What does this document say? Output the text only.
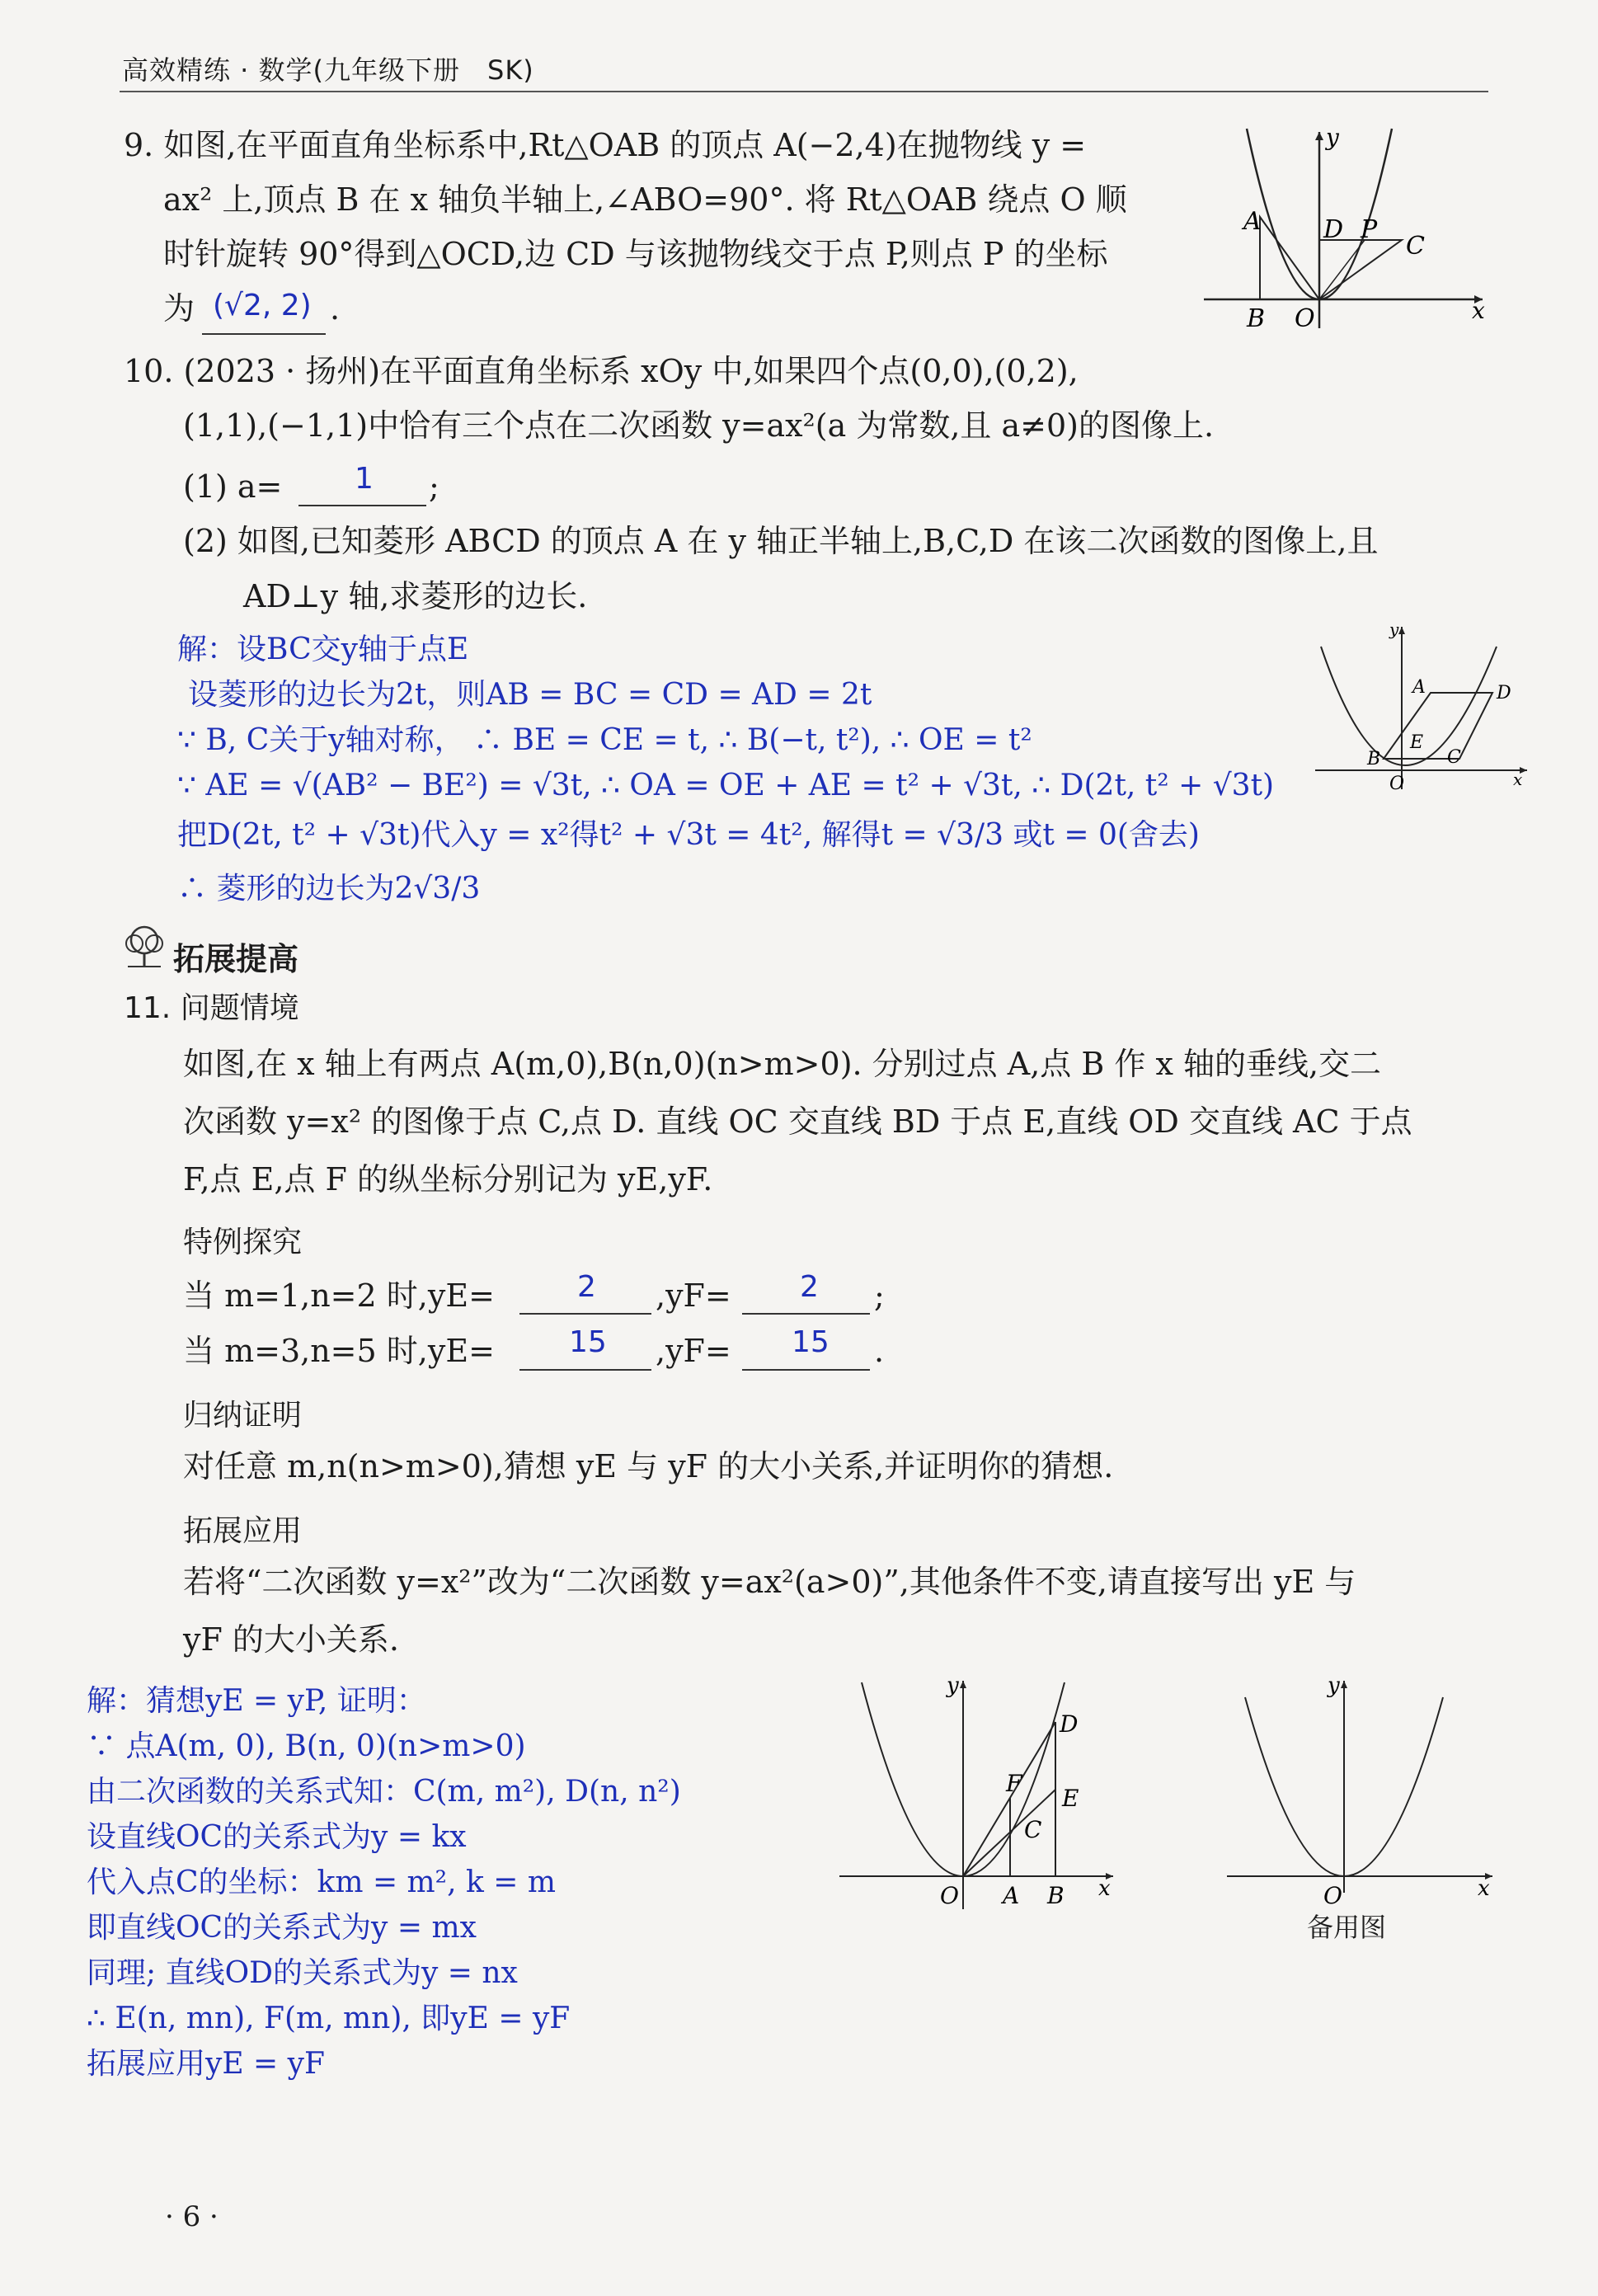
高效精练 · 数学(九年级下册　SK)
9. 如图,在平面直角坐标系中,Rt△OAB 的顶点 A(−2,4)在抛物线 y =
ax² 上,顶点 B 在 x 轴负半轴上,∠ABO=90°. 将 Rt△OAB 绕点 O 顺
时针旋转 90°得到△OCD,边 CD 与该抛物线交于点 P,则点 P 的坐标
为 (√2, 2) .
A
B O
D P
C
y
x
10. (2023 · 扬州)在平面直角坐标系 xOy 中,如果四个点(0,0),(0,2),
(1,1),(−1,1)中恰有三个点在二次函数 y=ax²(a 为常数,且 a≠0)的图像上.
(1) a= 1 ;
(2) 如图,已知菱形 ABCD 的顶点 A 在 y 轴正半轴上,B,C,D 在该二次函数的图像上,且
AD⊥y 轴,求菱形的边长.
解：设BC交y轴于点E
设菱形的边长为2t，则AB = BC = CD = AD = 2t
∵ B, C关于y轴对称， ∴ BE = CE = t, ∴ B(−t, t²), ∴ OE = t²
∵ AE = √(AB² − BE²) = √3t, ∴ OA = OE + AE = t² + √3t, ∴ D(2t, t² + √3t)
把D(2t, t² + √3t)代入y = x²得t² + √3t = 4t², 解得t = √3/3 或t = 0(舍去)
∴ 菱形的边长为2√3/3
A	D
E
B	C
O
y
x
拓展提高
11. 问题情境
如图,在 x 轴上有两点 A(m,0),B(n,0)(n>m>0). 分别过点 A,点 B 作 x 轴的垂线,交二
次函数 y=x² 的图像于点 C,点 D. 直线 OC 交直线 BD 于点 E,直线 OD 交直线 AC 于点
F,点 E,点 F 的纵坐标分别记为 yE,yF.
特例探究
当 m=1,n=2 时,yE=	2 ,yF= 2 ;
当 m=3,n=5 时,yE=	15 ,yF= 15 .
归纳证明
对任意 m,n(n>m>0),猜想 yE 与 yF 的大小关系,并证明你的猜想.
拓展应用
若将“二次函数 y=x²”改为“二次函数 y=ax²(a>0)”,其他条件不变,请直接写出 yE 与
yF 的大小关系.
解：猜想yE = yP, 证明：
∵ 点A(m, 0), B(n, 0)(n>m>0)
由二次函数的关系式知：C(m, m²), D(n, n²)
设直线OC的关系式为y = kx
代入点C的坐标：km = m², k = m
即直线OC的关系式为y = mx
同理; 直线OD的关系式为y = nx
∴ E(n, mn), F(m, mn), 即yE = yF
拓展应用yE = yF
D
F
E
C
O A B
y
x	O
y
x
备用图
· 6 ·
